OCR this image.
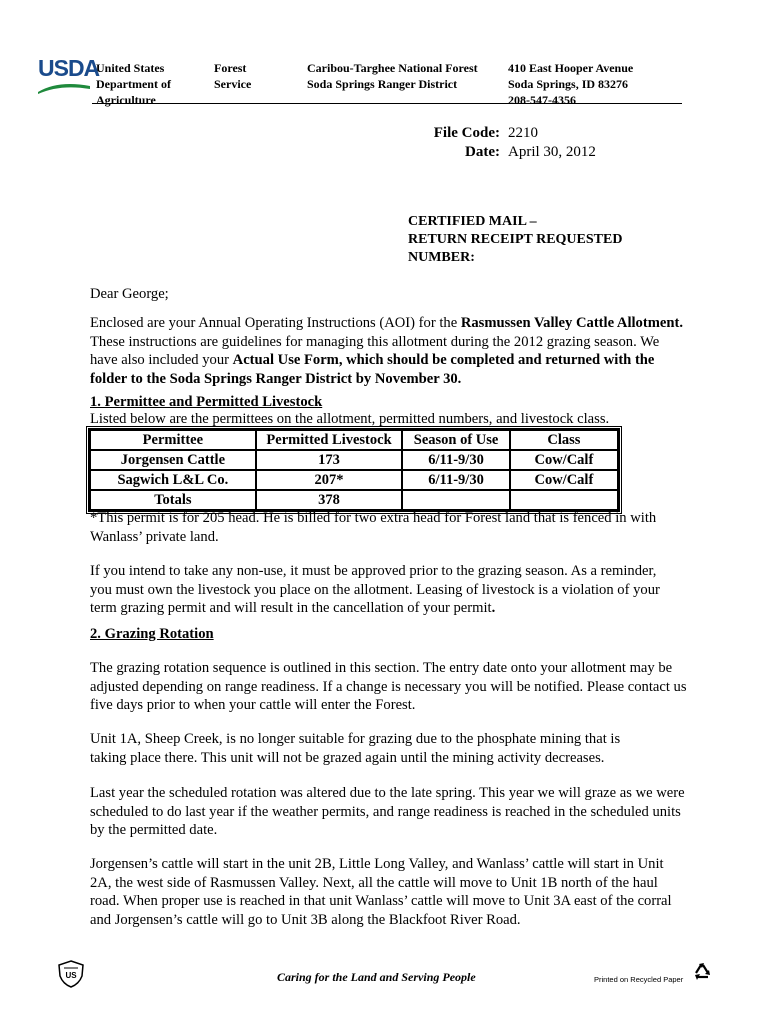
USDA
United States
Department of
Agriculture
Forest
Service
Caribou-Targhee National Forest
Soda Springs Ranger District
410 East Hooper Avenue
Soda Springs, ID 83276
208-547-4356
File Code: 2210
Date: April 30, 2012
CERTIFIED MAIL –
RETURN RECEIPT REQUESTED
NUMBER:
Dear George;
Enclosed are your Annual Operating Instructions (AOI) for the Rasmussen Valley Cattle Allotment. These instructions are guidelines for managing this allotment during the 2012 grazing season. We have also included your Actual Use Form, which should be completed and returned with the folder to the Soda Springs Ranger District by November 30.
1. Permittee and Permitted Livestock
Listed below are the permittees on the allotment, permitted numbers, and livestock class.
Permittee	Permitted Livestock	Season of Use	Class
Jorgensen Cattle	173	6/11-9/30	Cow/Calf
Sagwich L&L Co.	207*	6/11-9/30	Cow/Calf
Totals	378		
*This permit is for 205 head. He is billed for two extra head for Forest land that is fenced in with Wanlass’ private land.
If you intend to take any non-use, it must be approved prior to the grazing season. As a reminder, you must own the livestock you place on the allotment. Leasing of livestock is a violation of your term grazing permit and will result in the cancellation of your permit.
2. Grazing Rotation
The grazing rotation sequence is outlined in this section. The entry date onto your allotment may be adjusted depending on range readiness. If a change is necessary you will be notified. Please contact us five days prior to when your cattle will enter the Forest.
Unit 1A, Sheep Creek, is no longer suitable for grazing due to the phosphate mining that is taking place there. This unit will not be grazed again until the mining activity decreases.
Last year the scheduled rotation was altered due to the late spring. This year we will graze as we were scheduled to do last year if the weather permits, and range readiness is reached in the scheduled units by the permitted date.
Jorgensen’s cattle will start in the unit 2B, Little Long Valley, and Wanlass’ cattle will start in Unit 2A, the west side of Rasmussen Valley. Next, all the cattle will move to Unit 1B north of the haul road. When proper use is reached in that unit Wanlass’ cattle will move to Unit 3A east of the corral and Jorgensen’s cattle will go to Unit 3B along the Blackfoot River Road.
US	Caring for the Land and Serving People	Printed on Recycled Paper
